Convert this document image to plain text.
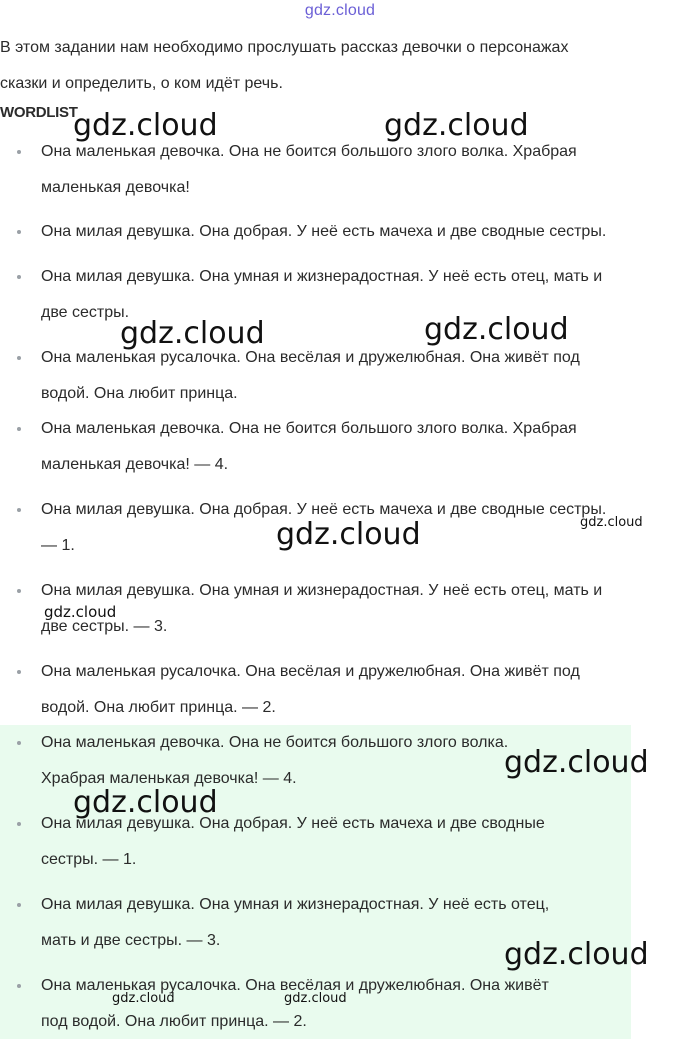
gdz.cloud
В этом задании нам необходимо прослушать рассказ девочки о персонажах
сказки и определить, о ком идёт речь.
WORDLIST
Она маленькая девочка. Она не боится большого злого волка. Храбрая
маленькая девочка!
Она милая девушка. Она добрая. У неё есть мачеха и две сводные сестры.
Она милая девушка. Она умная и жизнерадостная. У неё есть отец, мать и
две сестры.
Она маленькая русалочка. Она весёлая и дружелюбная. Она живёт под
водой. Она любит принца.
Она маленькая девочка. Она не боится большого злого волка. Храбрая
маленькая девочка! — 4.
Она милая девушка. Она добрая. У неё есть мачеха и две сводные сестры.
— 1.
Она милая девушка. Она умная и жизнерадостная. У неё есть отец, мать и
две сестры. — 3.
Она маленькая русалочка. Она весёлая и дружелюбная. Она живёт под
водой. Она любит принца. — 2.
Она маленькая девочка. Она не боится большого злого волка.
Храбрая маленькая девочка! — 4.
Она милая девушка. Она добрая. У неё есть мачеха и две сводные
сестры. — 1.
Она милая девушка. Она умная и жизнерадостная. У неё есть отец,
мать и две сестры. — 3.
Она маленькая русалочка. Она весёлая и дружелюбная. Она живёт
под водой. Она любит принца. — 2.
gdz.cloud	gdz.cloud
gdz.cloud	gdz.cloud
gdz.cloud	gdz.cloud
gdz.cloud
gdz.cloud
gdz.cloud
gdz.cloud
gdz.cloud	gdz.cloud
